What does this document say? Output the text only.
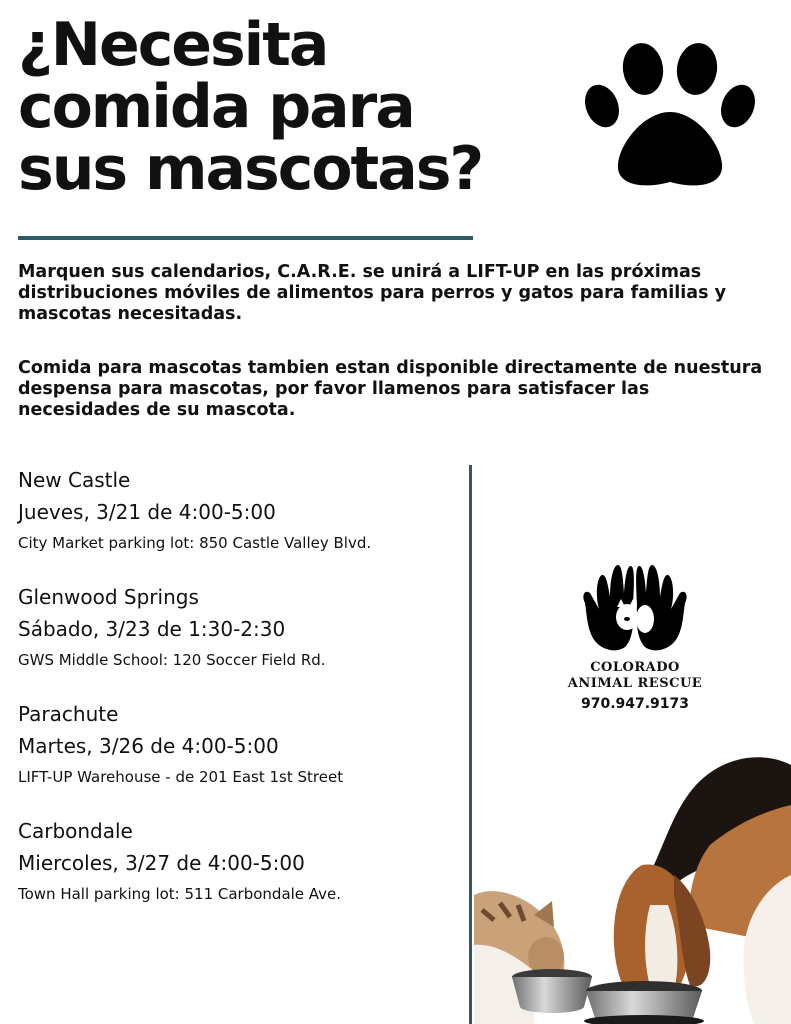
¿Necesita
comida para
sus mascotas?

Marquen sus calendarios, C.A.R.E. se unirá a LIFT-UP en las próximas distribuciones móviles de alimentos para perros y gatos para familias y mascotas necesitadas.

Comida para mascotas tambien estan disponible directamente de nuestura despensa para mascotas, por favor llamenos para satisfacer las necesidades de su mascota.

New Castle
Jueves, 3/21 de 4:00-5:00
City Market parking lot: 850 Castle Valley Blvd.
Glenwood Springs
Sábado, 3/23 de 1:30-2:30
GWS Middle School: 120 Soccer Field Rd.
Parachute
Martes, 3/26 de 4:00-5:00
LIFT-UP Warehouse - de 201 East 1st Street
Carbondale
Miercoles, 3/27 de 4:00-5:00
Town Hall parking lot: 511 Carbondale Ave.
COLORADO
ANIMAL RESCUE
970.947.9173
